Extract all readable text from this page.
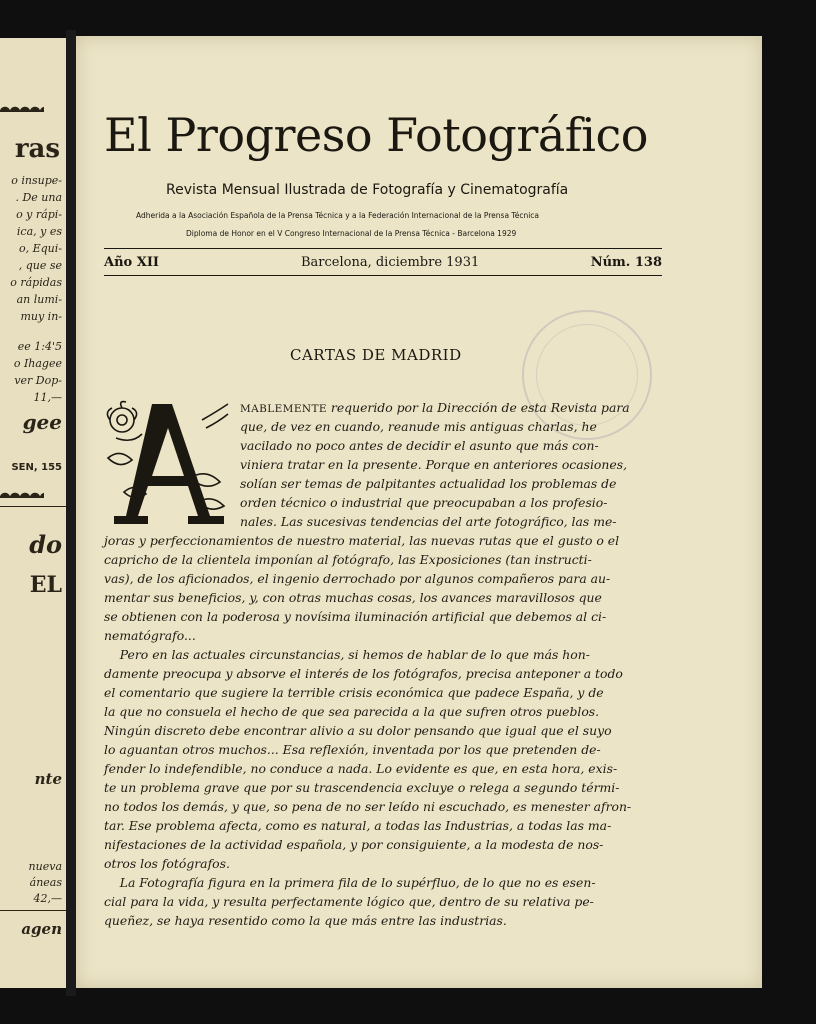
ras
o insupe-
. De una
o y rápi-
ica, y es
o, Equi-
, que se
o rápidas
an lumi-
muy in-
ee 1:4'5
o Ihagee
ver Dop-
11,—
gee
SEN, 155
do
EL
nte
nueva
áneas
42,—
agen
El Progreso Fotográfico
Revista Mensual Ilustrada de Fotografía y Cinematografía
Adherida a la Asociación Española de la Prensa Técnica y a la Federación Internacional de la Prensa Técnica
Diploma de Honor en el V Congreso Internacional de la Prensa Técnica - Barcelona 1929
Año XII	Barcelona, diciembre 1931	Núm. 138
CARTAS DE MADRID
MABLEMENTE requerido por la Dirección de esta Revista para
que, de vez en cuando, reanude mis antiguas charlas, he
vacilado no poco antes de decidir el asunto que más con-
viniera tratar en la presente. Porque en anteriores ocasiones,
solían ser temas de palpitantes actualidad los problemas de
orden técnico o industrial que preocupaban a los profesio-
nales. Las sucesivas tendencias del arte fotográfico, las me-
joras y perfeccionamientos de nuestro material, las nuevas rutas que el gusto o el
capricho de la clientela imponían al fotógrafo, las Exposiciones (tan instructi-
vas), de los aficionados, el ingenio derrochado por algunos compañeros para au-
mentar sus beneficios, y, con otras muchas cosas, los avances maravillosos que
se obtienen con la poderosa y novísima iluminación artificial que debemos al ci-
nematógrafo...
Pero en las actuales circunstancias, si hemos de hablar de lo que más hon-
damente preocupa y absorve el interés de los fotógrafos, precisa anteponer a todo
el comentario que sugiere la terrible crisis económica que padece España, y de
la que no consuela el hecho de que sea parecida a la que sufren otros pueblos.
Ningún discreto debe encontrar alivio a su dolor pensando que igual que el suyo
lo aguantan otros muchos... Esa reflexión, inventada por los que pretenden de-
fender lo indefendible, no conduce a nada. Lo evidente es que, en esta hora, exis-
te un problema grave que por su trascendencia excluye o relega a segundo térmi-
no todos los demás, y que, so pena de no ser leído ni escuchado, es menester afron-
tar. Ese problema afecta, como es natural, a todas las Industrias, a todas las ma-
nifestaciones de la actividad española, y por consiguiente, a la modesta de nos-
otros los fotógrafos.
La Fotografía figura en la primera fila de lo supérfluo, de lo que no es esen-
cial para la vida, y resulta perfectamente lógico que, dentro de su relativa pe-
queñez, se haya resentido como la que más entre las industrias.
